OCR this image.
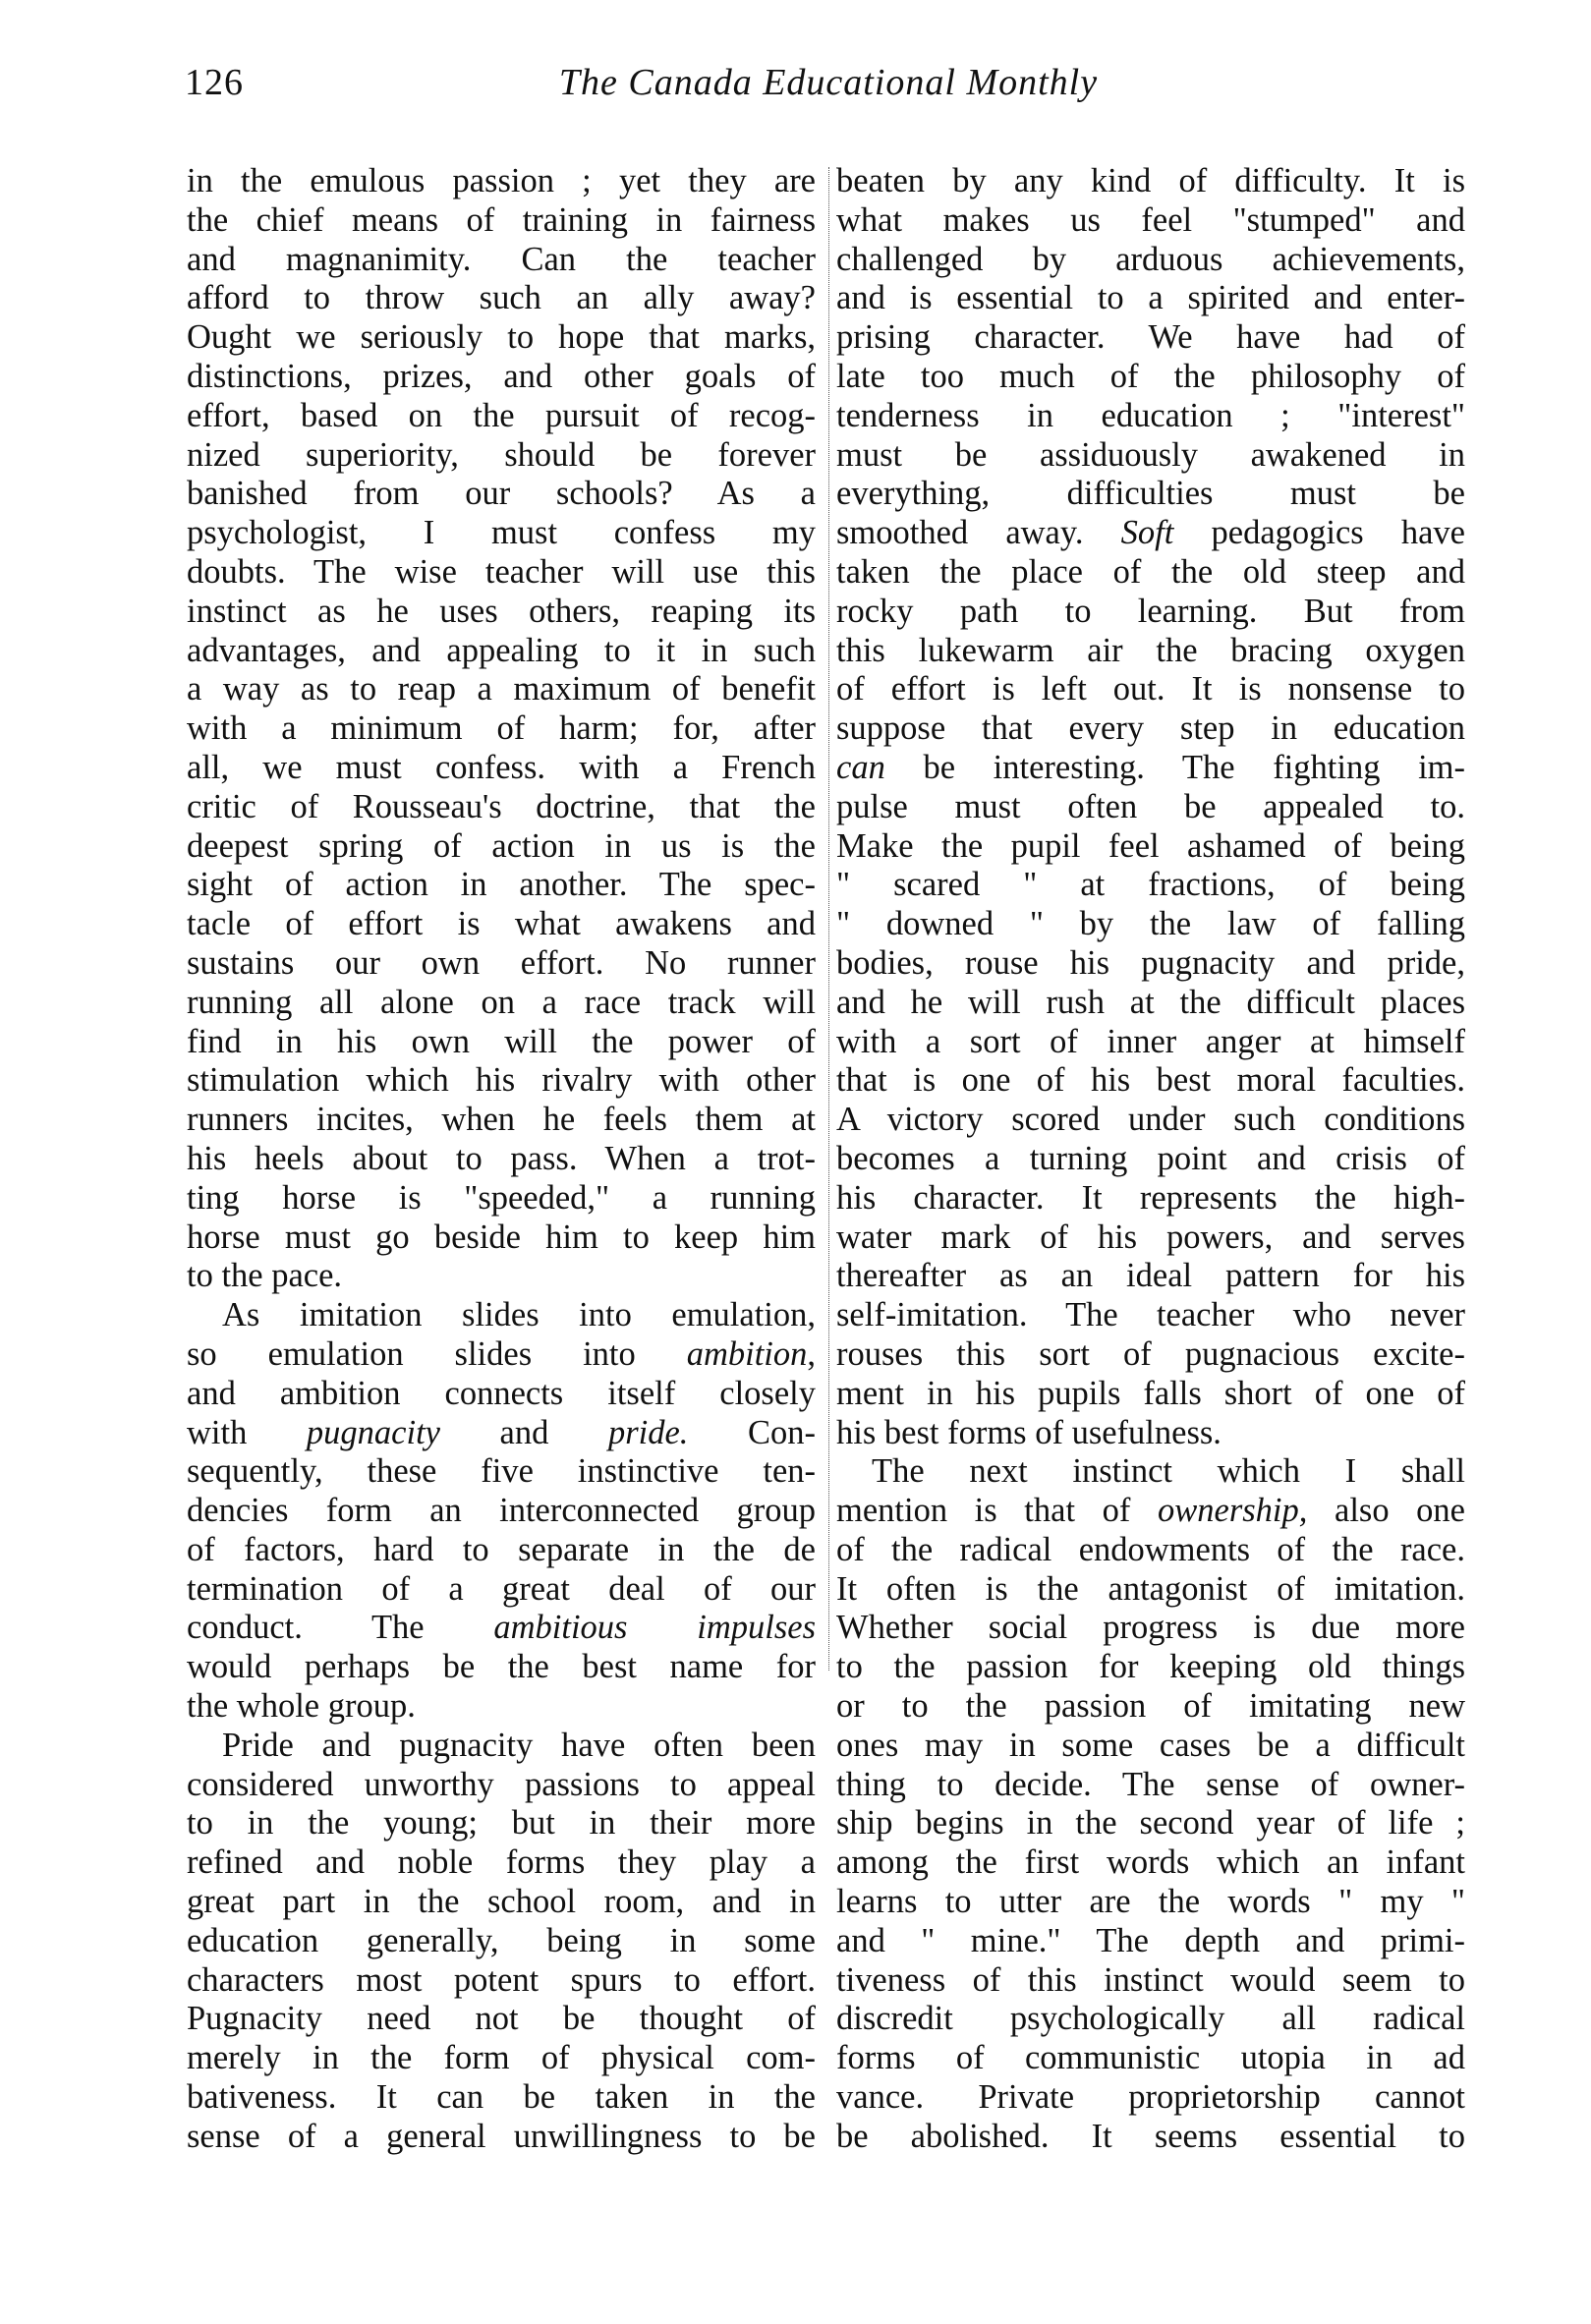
126	The Canada Educational Monthly
in the emulous passion ; yet they are
the chief means of training in fairness
and magnanimity. Can the teacher
afford to throw such an ally away?
Ought we seriously to hope that marks,
distinctions, prizes, and other goals of
effort, based on the pursuit of recog-
nized superiority, should be forever
banished from our schools? As a
psychologist, I must confess my
doubts. The wise teacher will use this
instinct as he uses others, reaping its
advantages, and appealing to it in such
a way as to reap a maximum of benefit
with a minimum of harm; for, after
all, we must confess. with a French
critic of Rousseau's doctrine, that the
deepest spring of action in us is the
sight of action in another. The spec-
tacle of effort is what awakens and
sustains our own effort. No runner
running all alone on a race track will
find in his own will the power of
stimulation which his rivalry with other
runners incites, when he feels them at
his heels about to pass. When a trot-
ting horse is "speeded," a running
horse must go beside him to keep him
to the pace.
As imitation slides into emulation,
so emulation slides into ambition,
and ambition connects itself closely
with pugnacity and pride. Con-
sequently, these five instinctive ten-
dencies form an interconnected group
of factors, hard to separate in the de
termination of a great deal of our
conduct. The ambitious impulses
would perhaps be the best name for
the whole group.
Pride and pugnacity have often been
considered unworthy passions to appeal
to in the young; but in their more
refined and noble forms they play a
great part in the school room, and in
education generally, being in some
characters most potent spurs to effort.
Pugnacity need not be thought of
merely in the form of physical com-
bativeness. It can be taken in the
sense of a general unwillingness to be
beaten by any kind of difficulty. It is
what makes us feel "stumped" and
challenged by arduous achievements,
and is essential to a spirited and enter-
prising character. We have had of
late too much of the philosophy of
tenderness in education ; "interest"
must be assiduously awakened in
everything, difficulties must be
smoothed away. Soft pedagogics have
taken the place of the old steep and
rocky path to learning. But from
this lukewarm air the bracing oxygen
of effort is left out. It is nonsense to
suppose that every step in education
can be interesting. The fighting im-
pulse must often be appealed to.
Make the pupil feel ashamed of being
" scared " at fractions, of being
" downed " by the law of falling
bodies, rouse his pugnacity and pride,
and he will rush at the difficult places
with a sort of inner anger at himself
that is one of his best moral faculties.
A victory scored under such conditions
becomes a turning point and crisis of
his character. It represents the high-
water mark of his powers, and serves
thereafter as an ideal pattern for his
self-imitation. The teacher who never
rouses this sort of pugnacious excite-
ment in his pupils falls short of one of
his best forms of usefulness.
The next instinct which I shall
mention is that of ownership, also one
of the radical endowments of the race.
It often is the antagonist of imitation.
Whether social progress is due more
to the passion for keeping old things
or to the passion of imitating new
ones may in some cases be a difficult
thing to decide. The sense of owner-
ship begins in the second year of life ;
among the first words which an infant
learns to utter are the words " my "
and " mine." The depth and primi-
tiveness of this instinct would seem to
discredit psychologically all radical
forms of communistic utopia in ad
vance. Private proprietorship cannot
be abolished. It seems essential to
